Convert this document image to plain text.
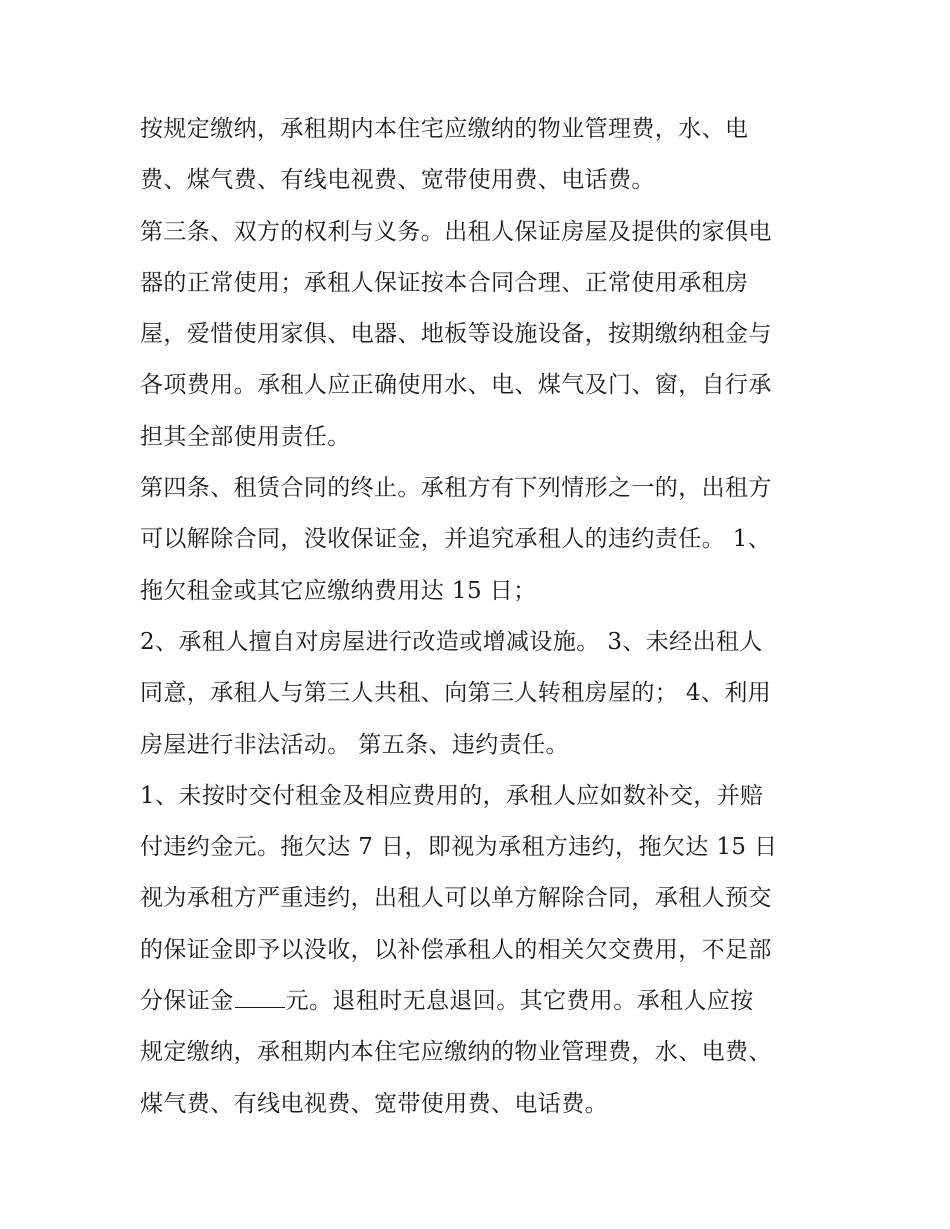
按规定缴纳，承租期内本住宅应缴纳的物业管理费，水、电
费、煤气费、有线电视费、宽带使用费、电话费。
第三条、双方的权利与义务。出租人保证房屋及提供的家俱电
器的正常使用；承租人保证按本合同合理、正常使用承租房
屋，爱惜使用家俱、电器、地板等设施设备，按期缴纳租金与
各项费用。承租人应正确使用水、电、煤气及门、窗，自行承
担其全部使用责任。
第四条、租赁合同的终止。承租方有下列情形之一的，出租方
可以解除合同，没收保证金，并追究承租人的违约责任。 1、
拖欠租金或其它应缴纳费用达 15 日；
2、承租人擅自对房屋进行改造或增减设施。 3、未经出租人
同意，承租人与第三人共租、向第三人转租房屋的； 4、利用
房屋进行非法活动。 第五条、违约责任。
1、未按时交付租金及相应费用的，承租人应如数补交，并赔
付违约金元。拖欠达 7 日，即视为承租方违约，拖欠达 15 日
视为承租方严重违约，出租人可以单方解除合同，承租人预交
的保证金即予以没收，以补偿承租人的相关欠交费用，不足部
分保证金 元。退租时无息退回。其它费用。承租人应按
规定缴纳，承租期内本住宅应缴纳的物业管理费，水、电费、
煤气费、有线电视费、宽带使用费、电话费。
